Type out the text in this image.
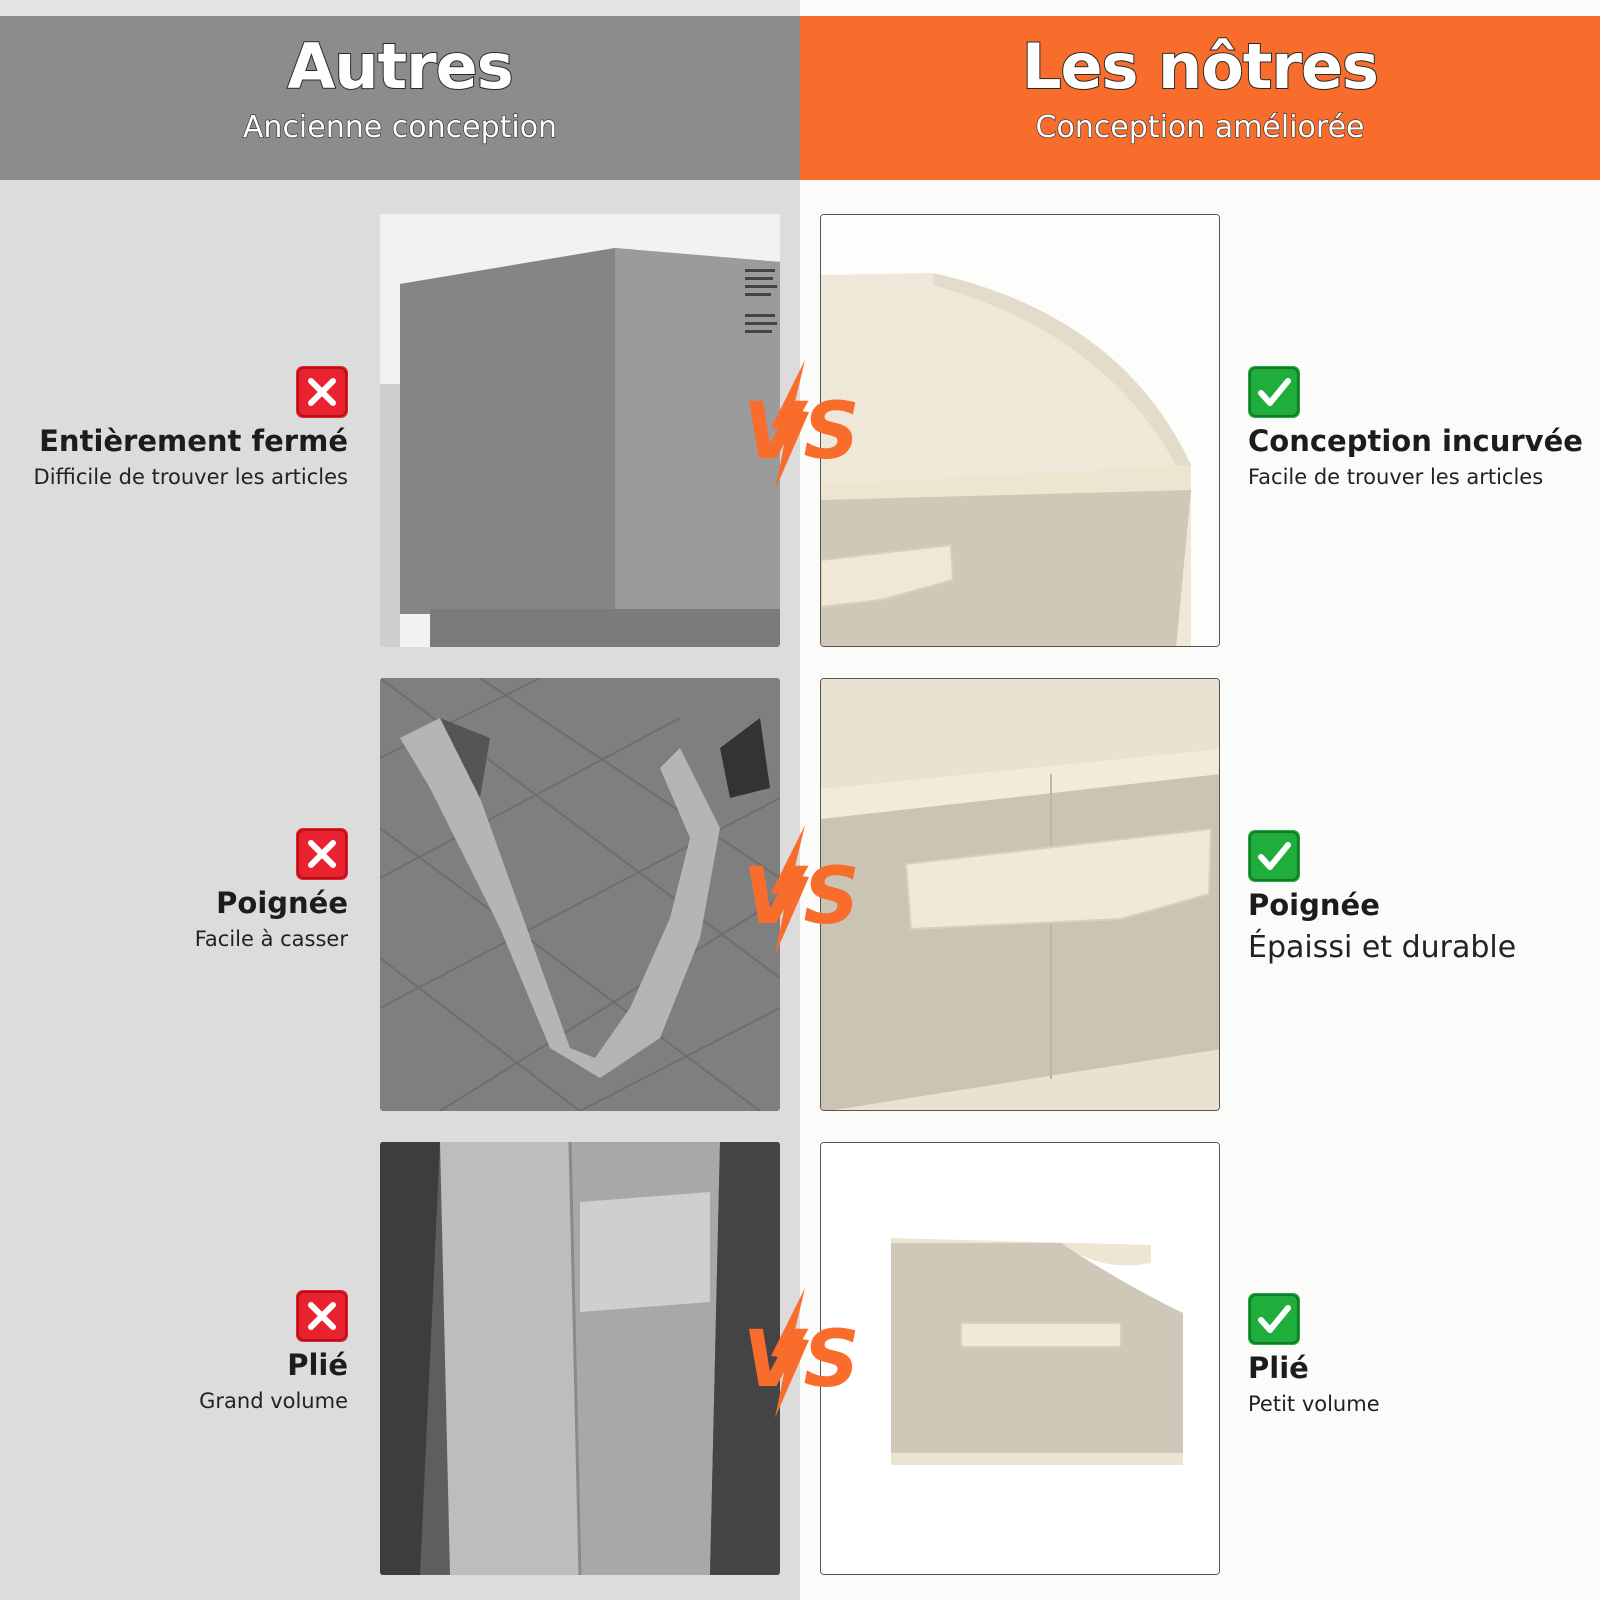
Autres
Ancienne conception
Les nôtres
Conception améliorée
Entièrement fermé
Difficile de trouver les articles	VS	Conception incurvée
Facile de trouver les articles
Poignée
Facile à casser	VS	Poignée
Épaissi et durable
Plié
Grand volume	VS	Plié
Petit volume
